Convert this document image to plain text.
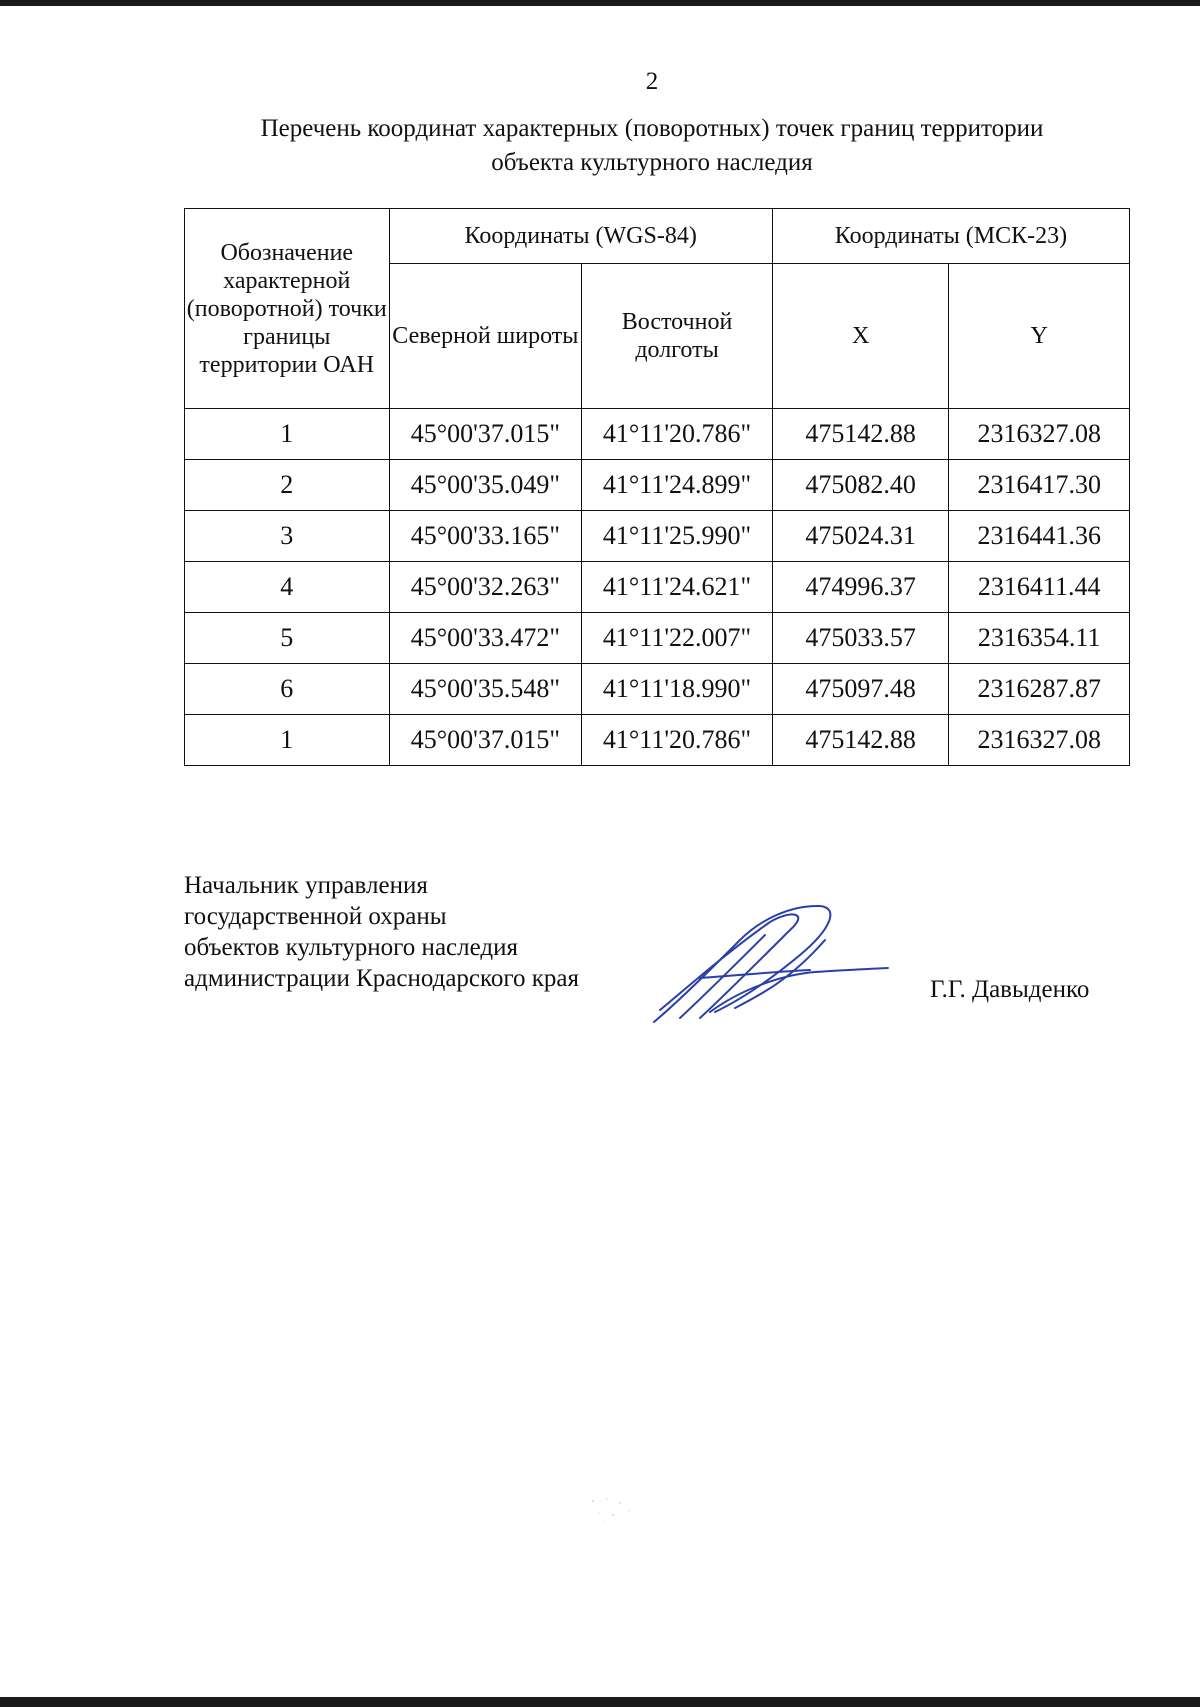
2
Перечень координат характерных (поворотных) точек границ территории
объекта культурного наследия
Обозначение характерной (поворотной) точки границы территории ОАН	Координаты (WGS-84)		Координаты (МСК-23)	
	Северной широты	Восточной долготы	X	Y
1	45°00'37.015"	41°11'20.786"	475142.88	2316327.08
2	45°00'35.049"	41°11'24.899"	475082.40	2316417.30
3	45°00'33.165"	41°11'25.990"	475024.31	2316441.36
4	45°00'32.263"	41°11'24.621"	474996.37	2316411.44
5	45°00'33.472"	41°11'22.007"	475033.57	2316354.11
6	45°00'35.548"	41°11'18.990"	475097.48	2316287.87
1	45°00'37.015"	41°11'20.786"	475142.88	2316327.08
Начальник управления
государственной охраны
объектов культурного наследия
администрации Краснодарского края	Г.Г. Давыденко
